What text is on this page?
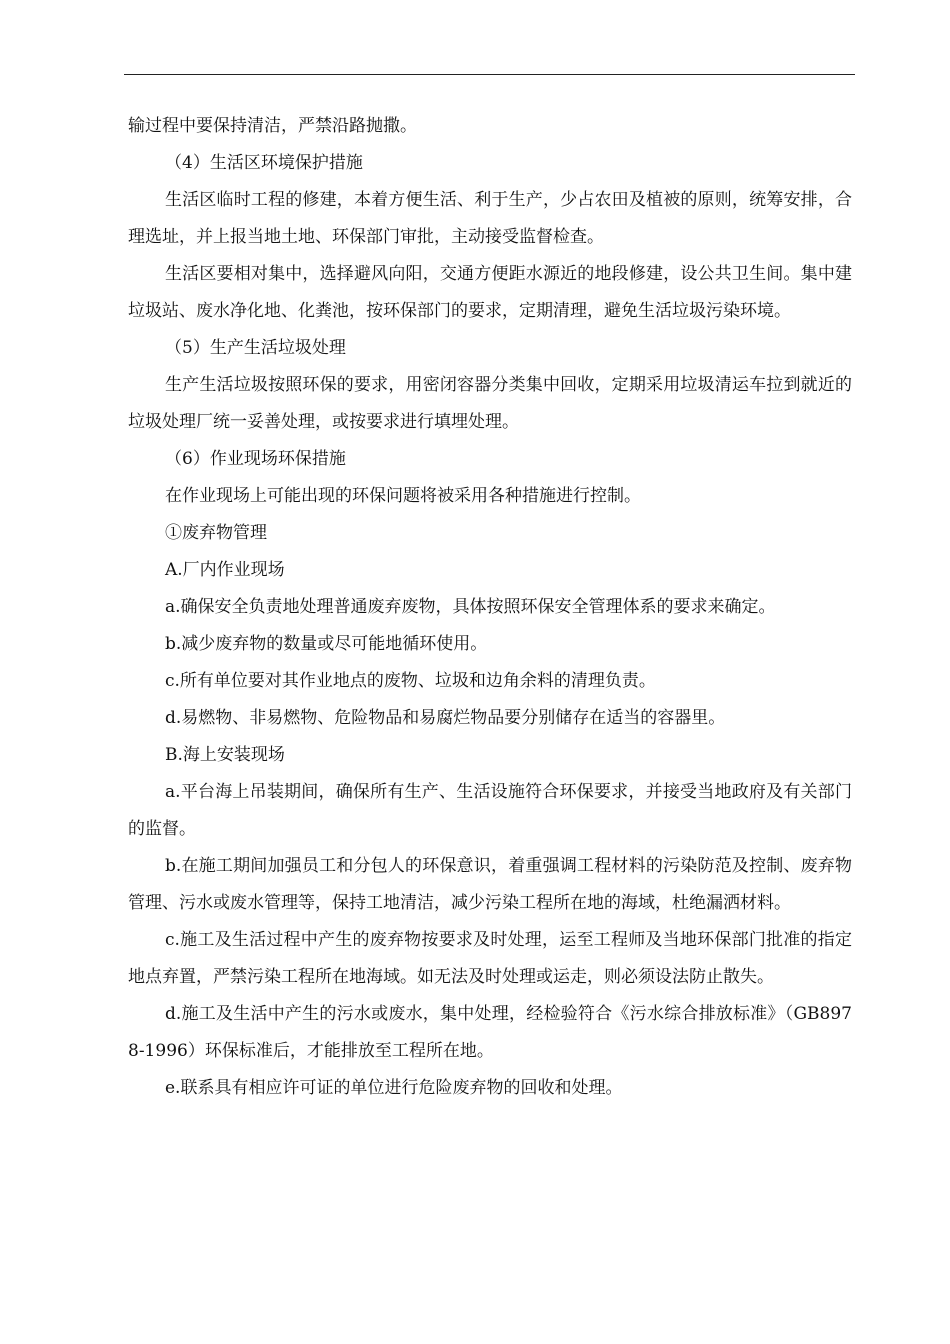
输过程中要保持清洁，严禁沿路抛撒。

（4）生活区环境保护措施

生活区临时工程的修建，本着方便生活、利于生产，少占农田及植被的原则，统筹安排，合理选址，并上报当地土地、环保部门审批，主动接受监督检查。

生活区要相对集中，选择避风向阳，交通方便距水源近的地段修建，设公共卫生间。集中建垃圾站、废水净化地、化粪池，按环保部门的要求，定期清理，避免生活垃圾污染环境。

（5）生产生活垃圾处理

生产生活垃圾按照环保的要求，用密闭容器分类集中回收，定期采用垃圾清运车拉到就近的垃圾处理厂统一妥善处理，或按要求进行填埋处理。

（6）作业现场环保措施

在作业现场上可能出现的环保问题将被采用各种措施进行控制。

①废弃物管理

A.厂内作业现场

a.确保安全负责地处理普通废弃废物，具体按照环保安全管理体系的要求来确定。

b.减少废弃物的数量或尽可能地循环使用。

c.所有单位要对其作业地点的废物、垃圾和边角余料的清理负责。

d.易燃物、非易燃物、危险物品和易腐烂物品要分别储存在适当的容器里。

B.海上安装现场

a.平台海上吊装期间，确保所有生产、生活设施符合环保要求，并接受当地政府及有关部门的监督。

b.在施工期间加强员工和分包人的环保意识，着重强调工程材料的污染防范及控制、废弃物管理、污水或废水管理等，保持工地清洁，减少污染工程所在地的海域，杜绝漏洒材料。

c.施工及生活过程中产生的废弃物按要求及时处理，运至工程师及当地环保部门批准的指定地点弃置，严禁污染工程所在地海域。如无法及时处理或运走，则必须设法防止散失。

d.施工及生活中产生的污水或废水，集中处理，经检验符合《污水综合排放标准》（GB8978-1996）环保标准后，才能排放至工程所在地。

e.联系具有相应许可证的单位进行危险废弃物的回收和处理。
